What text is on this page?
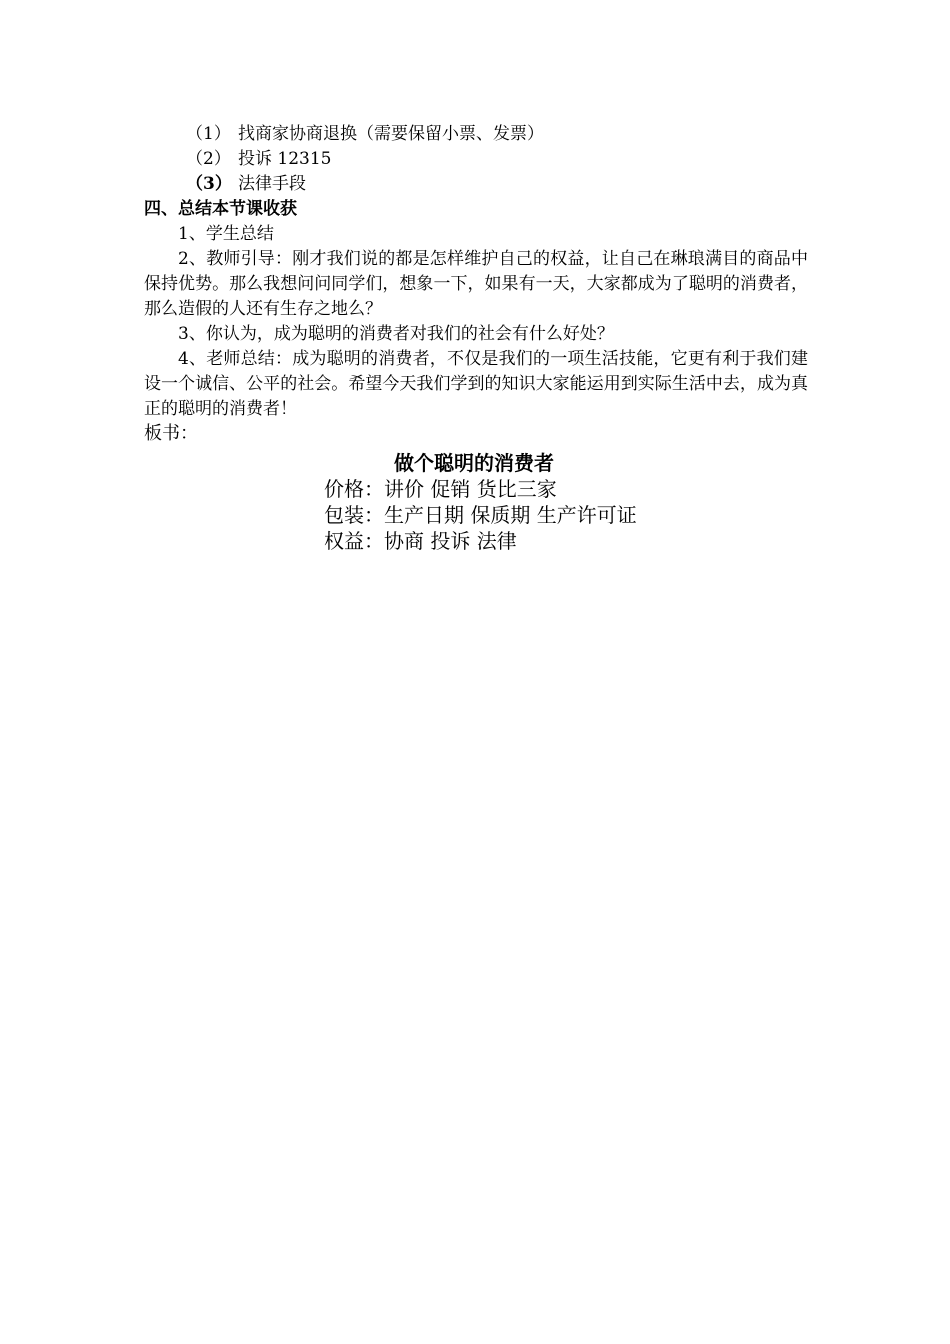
（1） 找商家协商退换（需要保留小票、发票）
（2） 投诉 12315
（3） 法律手段
四、总结本节课收获
1、学生总结
2、教师引导：刚才我们说的都是怎样维护自己的权益，让自己在琳琅满目的商品中保持优势。那么我想问问同学们，想象一下，如果有一天，大家都成为了聪明的消费者，那么造假的人还有生存之地么？
3、你认为，成为聪明的消费者对我们的社会有什么好处？
4、老师总结：成为聪明的消费者，不仅是我们的一项生活技能，它更有利于我们建设一个诚信、公平的社会。希望今天我们学到的知识大家能运用到实际生活中去，成为真正的聪明的消费者！
板书：
做个聪明的消费者
价格：讲价 促销 货比三家
包装：生产日期 保质期 生产许可证
权益：协商 投诉 法律
